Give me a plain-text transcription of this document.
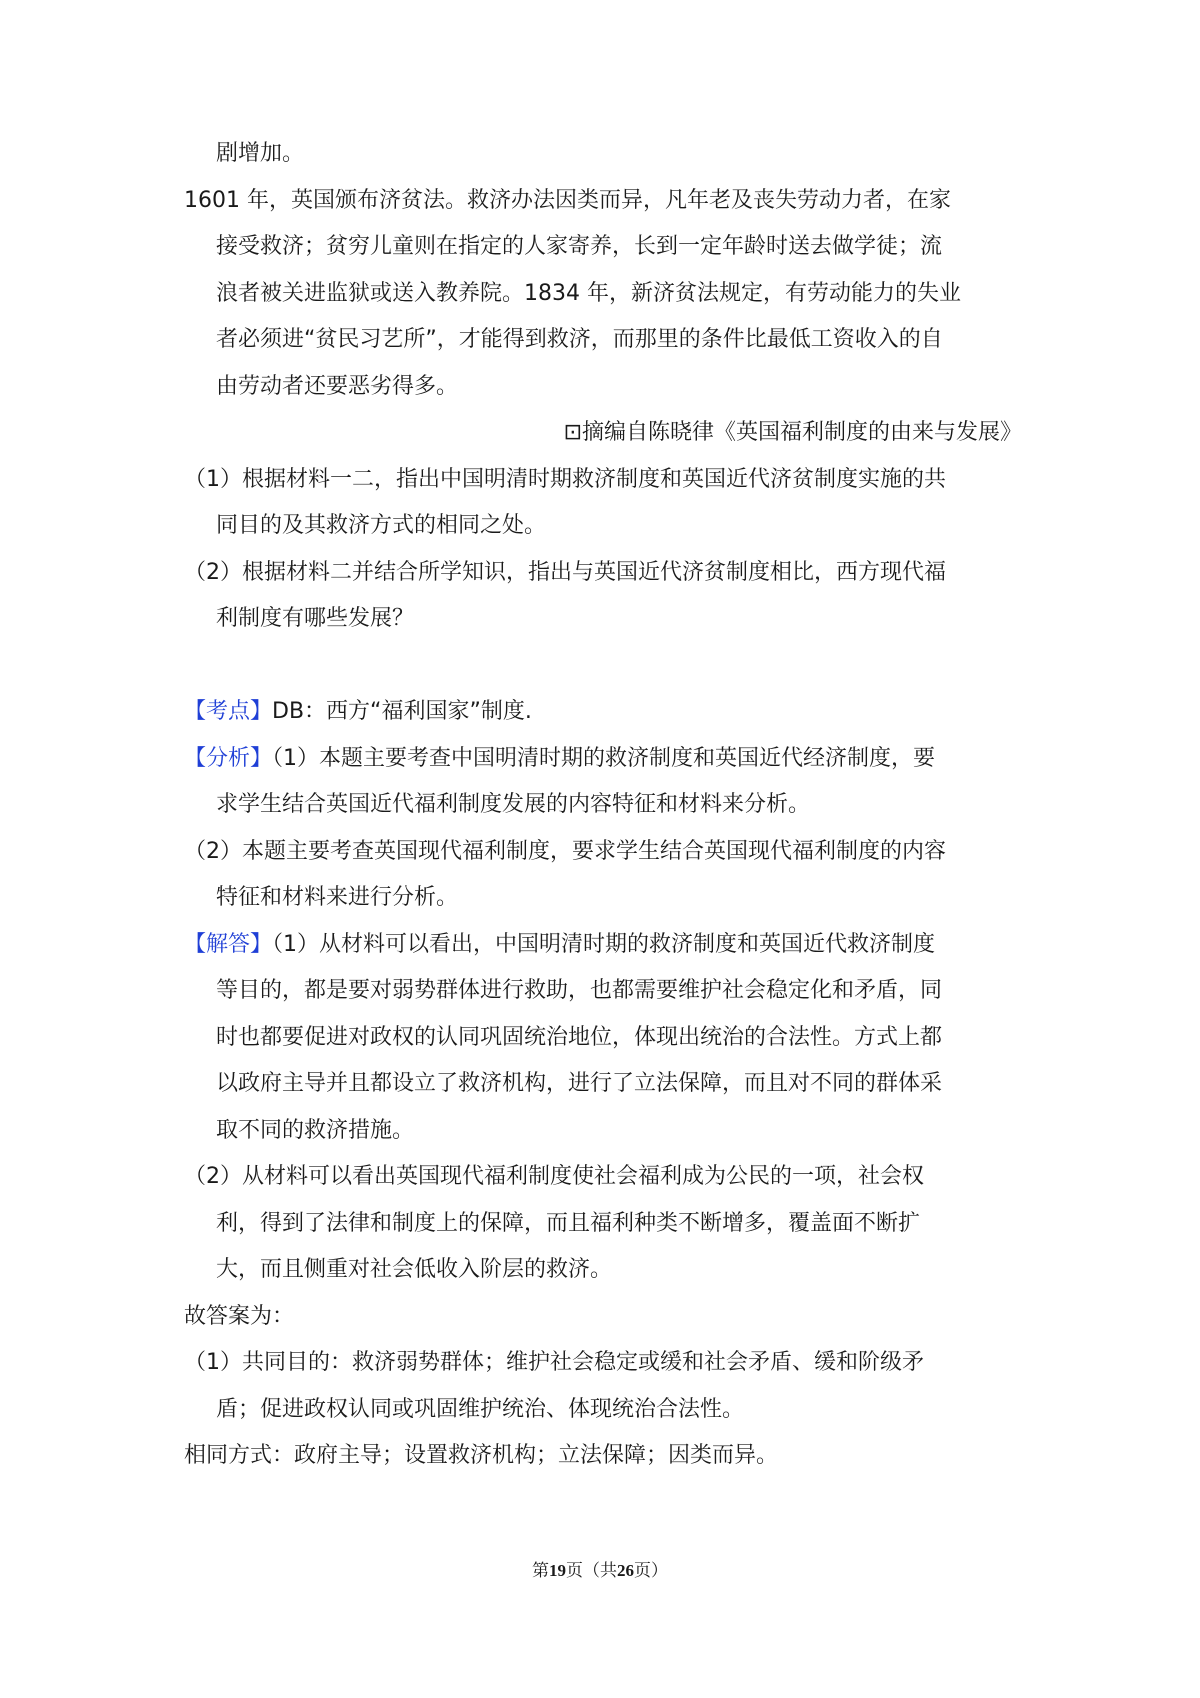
剧增加。
1601 年，英国颁布济贫法。救济办法因类而异，凡年老及丧失劳动力者，在家
接受救济；贫穷儿童则在指定的人家寄养，长到一定年龄时送去做学徒；流
浪者被关进监狱或送入教养院。1834 年，新济贫法规定，有劳动能力的失业
者必须进“贫民习艺所”，才能得到救济，而那里的条件比最低工资收入的自
由劳动者还要恶劣得多。
⊡摘编自陈晓律《英国福利制度的由来与发展》
（1）根据材料一二，指出中国明清时期救济制度和英国近代济贫制度实施的共
同目的及其救济方式的相同之处。
（2）根据材料二并结合所学知识，指出与英国近代济贫制度相比，西方现代福
利制度有哪些发展？
【考点】DB：西方“福利国家”制度.
【分析】（1）本题主要考查中国明清时期的救济制度和英国近代经济制度，要
求学生结合英国近代福利制度发展的内容特征和材料来分析。
（2）本题主要考查英国现代福利制度，要求学生结合英国现代福利制度的内容
特征和材料来进行分析。
【解答】（1）从材料可以看出，中国明清时期的救济制度和英国近代救济制度
等目的，都是要对弱势群体进行救助，也都需要维护社会稳定化和矛盾，同
时也都要促进对政权的认同巩固统治地位，体现出统治的合法性。方式上都
以政府主导并且都设立了救济机构，进行了立法保障，而且对不同的群体采
取不同的救济措施。
（2）从材料可以看出英国现代福利制度使社会福利成为公民的一项，社会权
利，得到了法律和制度上的保障，而且福利种类不断增多，覆盖面不断扩
大，而且侧重对社会低收入阶层的救济。
故答案为：
（1）共同目的：救济弱势群体；维护社会稳定或缓和社会矛盾、缓和阶级矛
盾；促进政权认同或巩固维护统治、体现统治合法性。
相同方式：政府主导；设置救济机构；立法保障；因类而异。
第19页（共26页）
